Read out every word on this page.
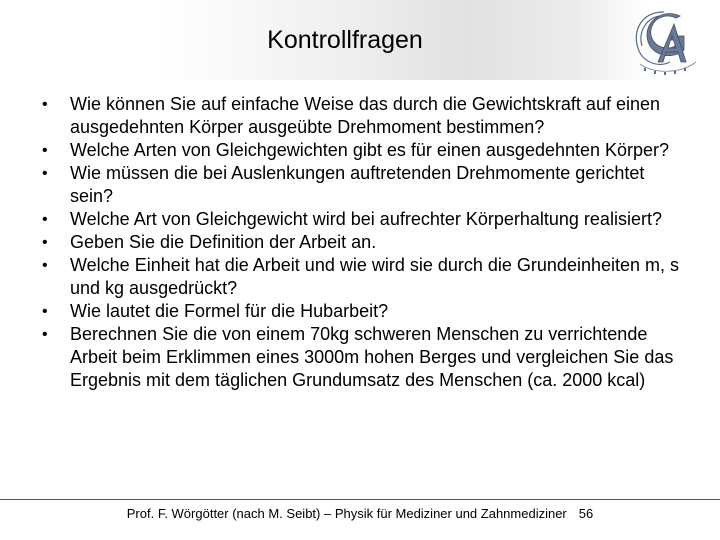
Kontrollfragen
• Wie können Sie auf einfache Weise das durch die Gewichtskraft auf einen ausgedehnten Körper ausgeübte Drehmoment bestimmen?
• Welche Arten von Gleichgewichten gibt es für einen ausgedehnten Körper?
• Wie müssen die bei Auslenkungen auftretenden Drehmomente gerichtet sein?
• Welche Art von Gleichgewicht wird bei aufrechter Körperhaltung realisiert?
• Geben Sie die Definition der Arbeit an.
• Welche Einheit hat die Arbeit und wie wird sie durch die Grundeinheiten m, s und kg ausgedrückt?
• Wie lautet die Formel für die Hubarbeit?
• Berechnen Sie die von einem 70kg schweren Menschen zu verrichtende Arbeit beim Erklimmen eines 3000m hohen Berges und vergleichen Sie das Ergebnis mit dem täglichen Grundumsatz des Menschen (ca. 2000 kcal)
Prof. F. Wörgötter (nach M. Seibt) – Physik für Mediziner und Zahnmediziner 56
